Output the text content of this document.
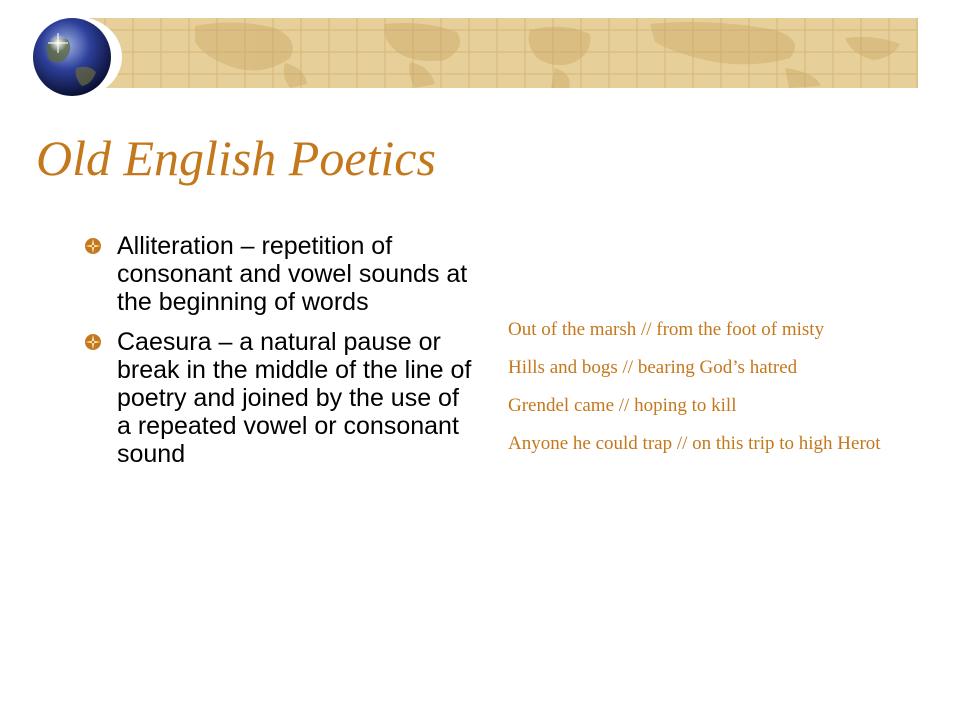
Old English Poetics
Alliteration – repetition of consonant and vowel sounds at the beginning of words
Caesura – a natural pause or break in the middle of the line of poetry and joined by the use of a repeated vowel or consonant sound

Out of the marsh // from the foot of misty

Hills and bogs // bearing God’s hatred

Grendel came // hoping to kill

Anyone he could trap // on this trip to high Herot
